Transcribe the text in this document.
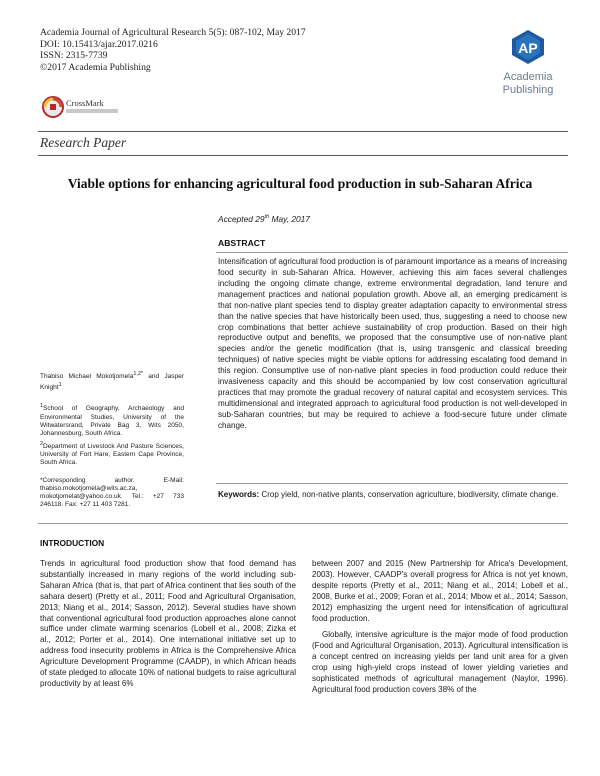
Academia Journal of Agricultural Research 5(5): 087-102, May 2017
DOI: 10.15413/ajar.2017.0216
ISSN: 2315-7739
©2017 Academia Publishing
AP
Academia
Publishing
CrossMark
Research Paper
Viable options for enhancing agricultural food production in sub-Saharan Africa
Accepted 29th May, 2017
ABSTRACT
Intensification of agricultural food production is of paramount importance as a means of increasing food security in sub-Saharan Africa. However, achieving this aim faces several challenges including the ongoing climate change, extreme environmental degradation, land tenure and management practices and national population growth. Above all, an emerging predicament is that non-native plant species tend to display greater adaptation capacity to environmental stress than the native species that have historically been used, thus, suggesting a need to choose new crop combinations that better achieve sustainability of crop production. Based on their high reproductive output and benefits, we proposed that the consumptive use of non-native plant species and/or the genetic modification (that is, using transgenic and classical breeding techniques) of native species might be viable options for addressing escalating food demand in this region. Consumptive use of non-native plant species in food production could reduce their invasiveness capacity and this should be accompanied by low cost conservation agricultural practices that may promote the gradual recovery of natural capital and ecosystem services. This multidimensional and integrated approach to agricultural food production is not well-developed in sub-Saharan countries, but may be required to achieve a food-secure future under climate change.
Keywords: Crop yield, non-native plants, conservation agriculture, biodiversity, climate change.

Thabiso Michael Mokotjomela$^{1,2*}$ and Jasper Knight$^1$

$^1$School of Geography, Archaeology and Environmental Studies, University of the Witwatersrand, Private Bag 3, Wits 2050, Johannesburg, South Africa.

$^2$Department of Livestock And Pasture Sciences, University of Fort Hare, Eastern Cape Province, South Africa.

*Corresponding author. E-Mail: thabiso.mokotjomela@wits.ac.za, mokotjomelat@yahoo.co.uk. Tel.: +27 733 246118. Fax: +27 11 403 7281.

INTRODUCTION

Trends in agricultural food production show that food demand has substantially increased in many regions of the world including sub-Saharan Africa (that is, that part of Africa continent that lies south of the sahara desert) (Pretty et al., 2011; Food and Agricultural Organisation, 2013; Niang et al., 2014; Sasson, 2012). Several studies have shown that conventional agricultural food production approaches alone cannot suffice under climate warming scenarios (Lobell et al., 2008; Zizka et al., 2012; Porter et al., 2014). One international initiative set up to address food insecurity problems in Africa is the Comprehensive Africa Agriculture Development Programme (CAADP), in which African heads of state pledged to allocate 10% of national budgets to raise agricultural productivity by at least 6%

between 2007 and 2015 (New Partnership for Africa's Development, 2003). However, CAADP's overall progress for Africa is not yet known, despite reports (Pretty et al., 2011; Niang et al., 2014; Lobell et al., 2008, Burke et al., 2009; Foran et al., 2014; Mbow et al., 2014; Sasson, 2012) emphasizing the urgent need for intensification of agricultural food production.

Globally, intensive agriculture is the major mode of food production (Food and Agricultural Organisation, 2013). Agricultural intensification is a concept centred on increasing yields per land unit area for a given crop using high-yield crops instead of lower yielding varieties and sophisticated methods of agricultural management (Naylor, 1996). Agricultural food production covers 38% of the
